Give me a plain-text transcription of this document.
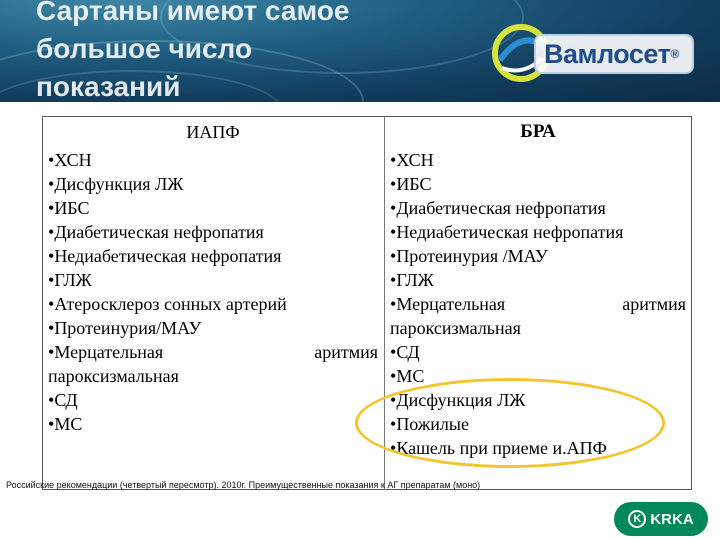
Сартаны имеют самое
большое число
показаний
Вамлосет ®
ИАПФ
•ХСН
•Дисфункция ЛЖ
•ИБС
•Диабетическая нефропатия
•Недиабетическая нефропатия
•ГЛЖ
•Атеросклероз сонных артерий
•Протеинурия/МАУ
•Мерцательная	аритмия
пароксизмальная
•СД
•МС
БРА
•ХСН
•ИБС
•Диабетическая нефропатия
•Недиабетическая нефропатия
•Протеинурия /МАУ
•ГЛЖ
•Мерцательная	аритмия
пароксизмальная
•СД
•МС
•Дисфункция ЛЖ
•Пожилые
•Кашель при приеме и.АПФ
Российские рекомендации (четвертый пересмотр). 2010г. Преимущественные показания к АГ препаратам (моно)
K KRKA
